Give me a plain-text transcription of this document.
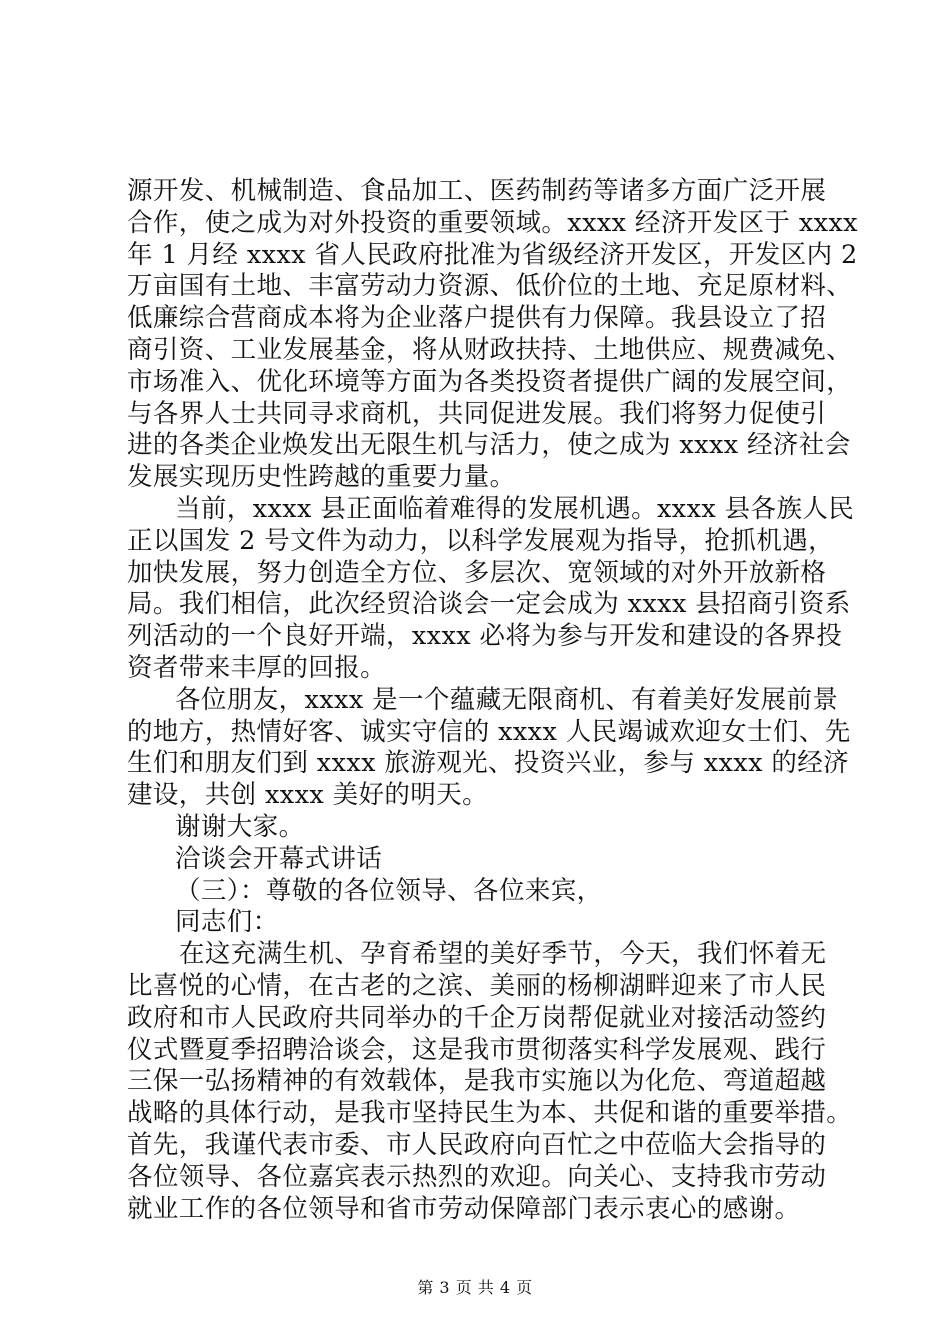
源开发、机械制造、食品加工、医药制药等诸多方面广泛开展
合作，使之成为对外投资的重要领域。xxxx 经济开发区于 xxxx
年 1 月经 xxxx 省人民政府批准为省级经济开发区，开发区内 2
万亩国有土地、丰富劳动力资源、低价位的土地、充足原材料、
低廉综合营商成本将为企业落户提供有力保障。我县设立了招
商引资、工业发展基金，将从财政扶持、土地供应、规费减免、
市场准入、优化环境等方面为各类投资者提供广阔的发展空间，
与各界人士共同寻求商机，共同促进发展。我们将努力促使引
进的各类企业焕发出无限生机与活力，使之成为 xxxx 经济社会
发展实现历史性跨越的重要力量。
当前，xxxx 县正面临着难得的发展机遇。xxxx 县各族人民
正以国发 2 号文件为动力，以科学发展观为指导，抢抓机遇，
加快发展，努力创造全方位、多层次、宽领域的对外开放新格
局。我们相信，此次经贸洽谈会一定会成为 xxxx 县招商引资系
列活动的一个良好开端，xxxx 必将为参与开发和建设的各界投
资者带来丰厚的回报。
各位朋友，xxxx 是一个蕴藏无限商机、有着美好发展前景
的地方，热情好客、诚实守信的 xxxx 人民竭诚欢迎女士们、先
生们和朋友们到 xxxx 旅游观光、投资兴业，参与 xxxx 的经济
建设，共创 xxxx 美好的明天。
谢谢大家。
洽谈会开幕式讲话
（三）：尊敬的各位领导、各位来宾，
同志们：
在这充满生机、孕育希望的美好季节，今天，我们怀着无
比喜悦的心情，在古老的之滨、美丽的杨柳湖畔迎来了市人民
政府和市人民政府共同举办的千企万岗帮促就业对接活动签约
仪式暨夏季招聘洽谈会，这是我市贯彻落实科学发展观、践行
三保一弘扬精神的有效载体，是我市实施以为化危、弯道超越
战略的具体行动，是我市坚持民生为本、共促和谐的重要举措。
首先，我谨代表市委、市人民政府向百忙之中莅临大会指导的
各位领导、各位嘉宾表示热烈的欢迎。向关心、支持我市劳动
就业工作的各位领导和省市劳动保障部门表示衷心的感谢。
第 3 页 共 4 页
